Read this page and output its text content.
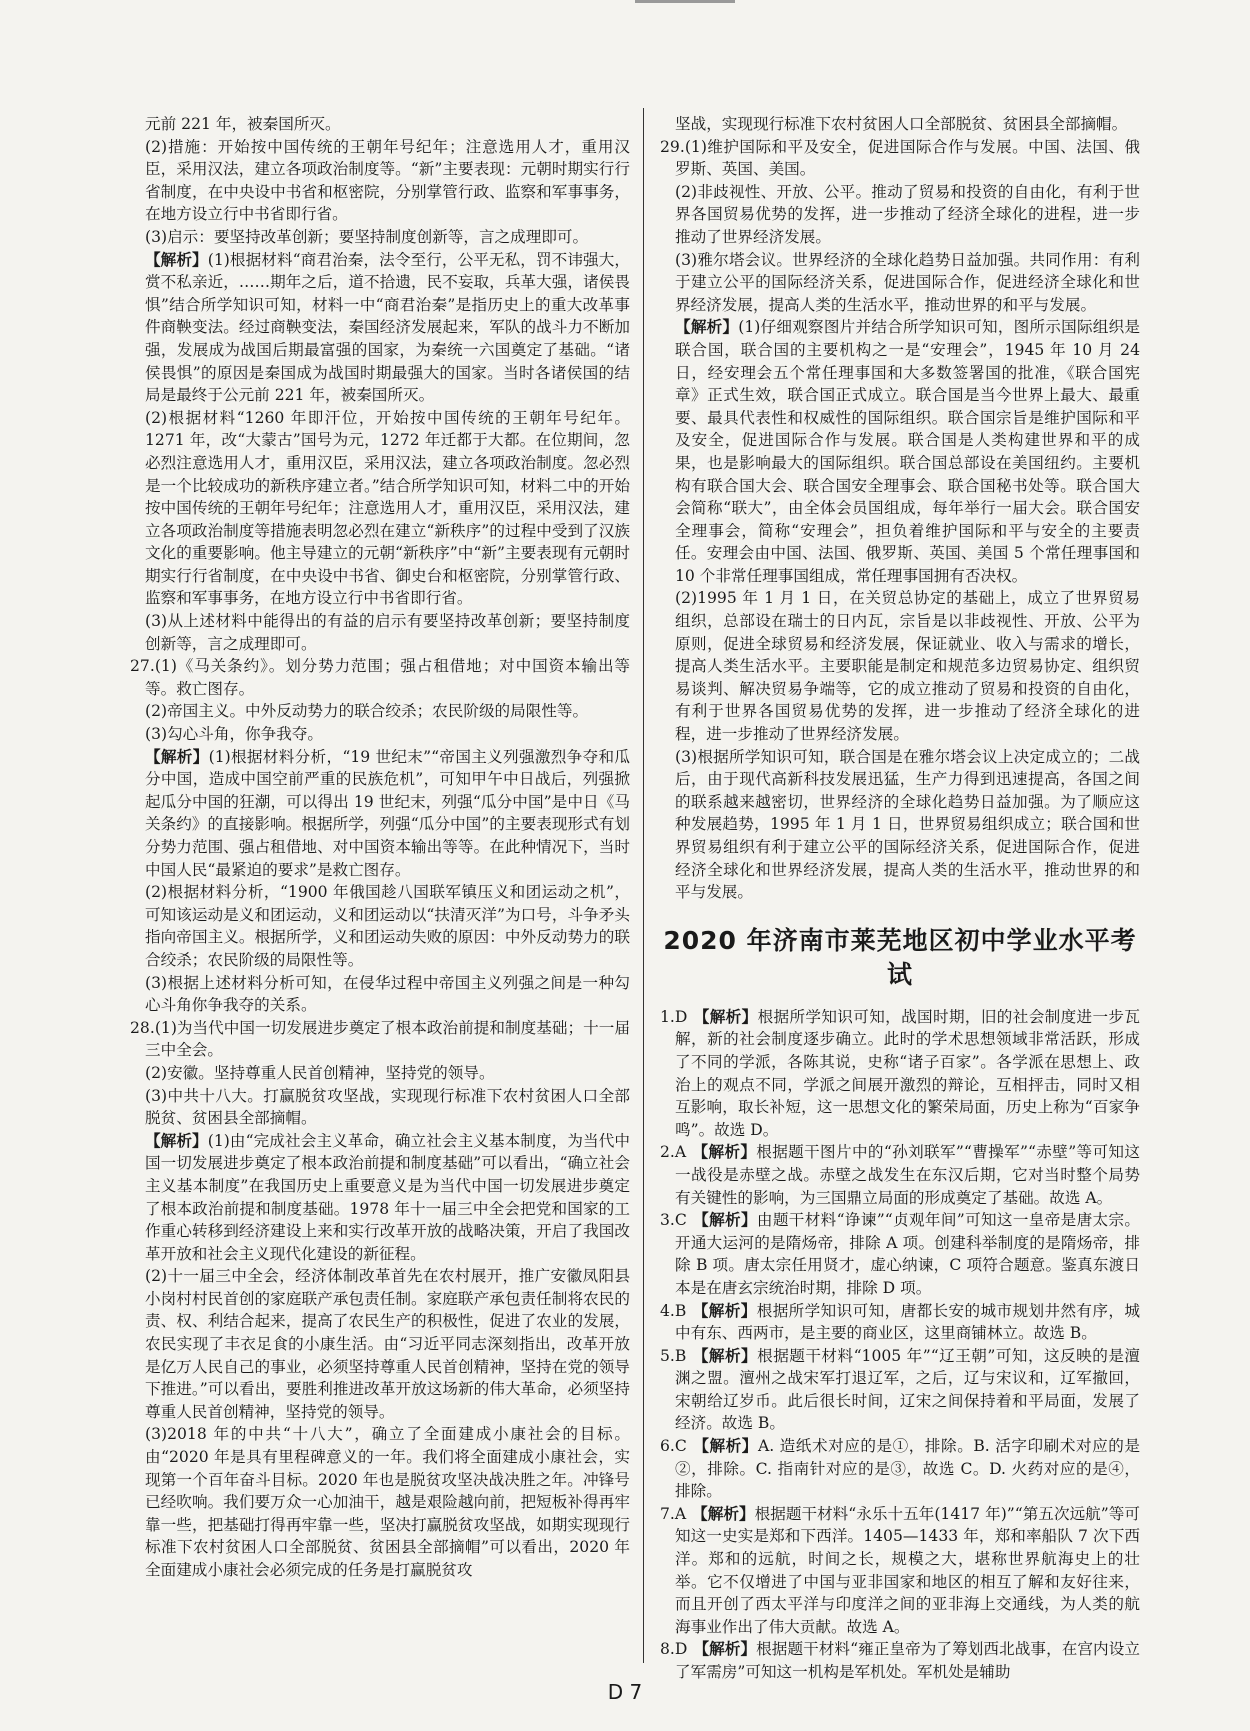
元前 221 年，被秦国所灭。

(2)措施：开始按中国传统的王朝年号纪年；注意选用人才，重用汉臣，采用汉法，建立各项政治制度等。“新”主要表现：元朝时期实行行省制度，在中央设中书省和枢密院，分别掌管行政、监察和军事事务，在地方设立行中书省即行省。

(3)启示：要坚持改革创新；要坚持制度创新等，言之成理即可。

【解析】(1)根据材料“商君治秦，法令至行，公平无私，罚不讳强大，赏不私亲近，……期年之后，道不拾遗，民不妄取，兵革大强，诸侯畏惧”结合所学知识可知，材料一中“商君治秦”是指历史上的重大改革事件商鞅变法。经过商鞅变法，秦国经济发展起来，军队的战斗力不断加强，发展成为战国后期最富强的国家，为秦统一六国奠定了基础。“诸侯畏惧”的原因是秦国成为战国时期最强大的国家。当时各诸侯国的结局是最终于公元前 221 年，被秦国所灭。

(2)根据材料“1260 年即汗位，开始按中国传统的王朝年号纪年。1271 年，改“大蒙古”国号为元，1272 年迁都于大都。在位期间，忽必烈注意选用人才，重用汉臣，采用汉法，建立各项政治制度。忽必烈是一个比较成功的新秩序建立者。”结合所学知识可知，材料二中的开始按中国传统的王朝年号纪年；注意选用人才，重用汉臣，采用汉法，建立各项政治制度等措施表明忽必烈在建立“新秩序”的过程中受到了汉族文化的重要影响。他主导建立的元朝“新秩序”中“新”主要表现有元朝时期实行行省制度，在中央设中书省、御史台和枢密院，分别掌管行政、监察和军事事务，在地方设立行中书省即行省。

(3)从上述材料中能得出的有益的启示有要坚持改革创新；要坚持制度创新等，言之成理即可。

27.(1)《马关条约》。划分势力范围；强占租借地；对中国资本输出等等。救亡图存。

(2)帝国主义。中外反动势力的联合绞杀；农民阶级的局限性等。

(3)勾心斗角，你争我夺。

【解析】(1)根据材料分析，“19 世纪末”“帝国主义列强激烈争夺和瓜分中国，造成中国空前严重的民族危机”，可知甲午中日战后，列强掀起瓜分中国的狂潮，可以得出 19 世纪末，列强“瓜分中国”是中日《马关条约》的直接影响。根据所学，列强“瓜分中国”的主要表现形式有划分势力范围、强占租借地、对中国资本输出等等。在此种情况下，当时中国人民“最紧迫的要求”是救亡图存。

(2)根据材料分析，“1900 年俄国趁八国联军镇压义和团运动之机”，可知该运动是义和团运动，义和团运动以“扶清灭洋”为口号，斗争矛头指向帝国主义。根据所学，义和团运动失败的原因：中外反动势力的联合绞杀；农民阶级的局限性等。

(3)根据上述材料分析可知，在侵华过程中帝国主义列强之间是一种勾心斗角你争我夺的关系。

28.(1)为当代中国一切发展进步奠定了根本政治前提和制度基础；十一届三中全会。

(2)安徽。坚持尊重人民首创精神，坚持党的领导。

(3)中共十八大。打赢脱贫攻坚战，实现现行标准下农村贫困人口全部脱贫、贫困县全部摘帽。

【解析】(1)由“完成社会主义革命，确立社会主义基本制度，为当代中国一切发展进步奠定了根本政治前提和制度基础”可以看出，“确立社会主义基本制度”在我国历史上重要意义是为当代中国一切发展进步奠定了根本政治前提和制度基础。1978 年十一届三中全会把党和国家的工作重心转移到经济建设上来和实行改革开放的战略决策，开启了我国改革开放和社会主义现代化建设的新征程。

(2)十一届三中全会，经济体制改革首先在农村展开，推广安徽凤阳县小岗村村民首创的家庭联产承包责任制。家庭联产承包责任制将农民的责、权、利结合起来，提高了农民生产的积极性，促进了农业的发展，农民实现了丰衣足食的小康生活。由“习近平同志深刻指出，改革开放是亿万人民自己的事业，必须坚持尊重人民首创精神，坚持在党的领导下推进。”可以看出，要胜利推进改革开放这场新的伟大革命，必须坚持尊重人民首创精神，坚持党的领导。

(3)2018 年的中共“十八大”，确立了全面建成小康社会的目标。由“2020 年是具有里程碑意义的一年。我们将全面建成小康社会，实现第一个百年奋斗目标。2020 年也是脱贫攻坚决战决胜之年。冲锋号已经吹响。我们要万众一心加油干，越是艰险越向前，把短板补得再牢靠一些，把基础打得再牢靠一些，坚决打赢脱贫攻坚战，如期实现现行标准下农村贫困人口全部脱贫、贫困县全部摘帽”可以看出，2020 年全面建成小康社会必须完成的任务是打赢脱贫攻

坚战，实现现行标准下农村贫困人口全部脱贫、贫困县全部摘帽。

29.(1)维护国际和平及安全，促进国际合作与发展。中国、法国、俄罗斯、英国、美国。

(2)非歧视性、开放、公平。推动了贸易和投资的自由化，有利于世界各国贸易优势的发挥，进一步推动了经济全球化的进程，进一步推动了世界经济发展。

(3)雅尔塔会议。世界经济的全球化趋势日益加强。共同作用：有利于建立公平的国际经济关系，促进国际合作，促进经济全球化和世界经济发展，提高人类的生活水平，推动世界的和平与发展。

【解析】(1)仔细观察图片并结合所学知识可知，图所示国际组织是联合国，联合国的主要机构之一是“安理会”，1945 年 10 月 24 日，经安理会五个常任理事国和大多数签署国的批准，《联合国宪章》正式生效，联合国正式成立。联合国是当今世界上最大、最重要、最具代表性和权威性的国际组织。联合国宗旨是维护国际和平及安全，促进国际合作与发展。联合国是人类构建世界和平的成果，也是影响最大的国际组织。联合国总部设在美国纽约。主要机构有联合国大会、联合国安全理事会、联合国秘书处等。联合国大会简称“联大”，由全体会员国组成，每年举行一届大会。联合国安全理事会，简称“安理会”，担负着维护国际和平与安全的主要责任。安理会由中国、法国、俄罗斯、英国、美国 5 个常任理事国和 10 个非常任理事国组成，常任理事国拥有否决权。

(2)1995 年 1 月 1 日，在关贸总协定的基础上，成立了世界贸易组织，总部设在瑞士的日内瓦，宗旨是以非歧视性、开放、公平为原则，促进全球贸易和经济发展，保证就业、收入与需求的增长，提高人类生活水平。主要职能是制定和规范多边贸易协定、组织贸易谈判、解决贸易争端等，它的成立推动了贸易和投资的自由化，有利于世界各国贸易优势的发挥，进一步推动了经济全球化的进程，进一步推动了世界经济发展。

(3)根据所学知识可知，联合国是在雅尔塔会议上决定成立的；二战后，由于现代高新科技发展迅猛，生产力得到迅速提高，各国之间的联系越来越密切，世界经济的全球化趋势日益加强。为了顺应这种发展趋势，1995 年 1 月 1 日，世界贸易组织成立；联合国和世界贸易组织有利于建立公平的国际经济关系，促进国际合作，促进经济全球化和世界经济发展，提高人类的生活水平，推动世界的和平与发展。

2020 年济南市莱芜地区初中学业水平考试

1.D 【解析】根据所学知识可知，战国时期，旧的社会制度进一步瓦解，新的社会制度逐步确立。此时的学术思想领域非常活跃，形成了不同的学派，各陈其说，史称“诸子百家”。各学派在思想上、政治上的观点不同，学派之间展开激烈的辩论，互相抨击，同时又相互影响，取长补短，这一思想文化的繁荣局面，历史上称为“百家争鸣”。故选 D。

2.A 【解析】根据题干图片中的“孙刘联军”“曹操军”“赤壁”等可知这一战役是赤壁之战。赤壁之战发生在东汉后期，它对当时整个局势有关键性的影响，为三国鼎立局面的形成奠定了基础。故选 A。

3.C 【解析】由题干材料“诤谏”“贞观年间”可知这一皇帝是唐太宗。开通大运河的是隋炀帝，排除 A 项。创建科举制度的是隋炀帝，排除 B 项。唐太宗任用贤才，虚心纳谏，C 项符合题意。鉴真东渡日本是在唐玄宗统治时期，排除 D 项。

4.B 【解析】根据所学知识可知，唐都长安的城市规划井然有序，城中有东、西两市，是主要的商业区，这里商铺林立。故选 B。

5.B 【解析】根据题干材料“1005 年”“辽王朝”可知，这反映的是澶渊之盟。澶州之战宋军打退辽军，之后，辽与宋议和，辽军撤回，宋朝给辽岁币。此后很长时间，辽宋之间保持着和平局面，发展了经济。故选 B。

6.C 【解析】A. 造纸术对应的是①，排除。B. 活字印刷术对应的是②，排除。C. 指南针对应的是③，故选 C。D. 火药对应的是④，排除。

7.A 【解析】根据题干材料“永乐十五年(1417 年)”“第五次远航”等可知这一史实是郑和下西洋。1405—1433 年，郑和率船队 7 次下西洋。郑和的远航，时间之长，规模之大，堪称世界航海史上的壮举。它不仅增进了中国与亚非国家和地区的相互了解和友好往来，而且开创了西太平洋与印度洋之间的亚非海上交通线，为人类的航海事业作出了伟大贡献。故选 A。

8.D 【解析】根据题干材料“雍正皇帝为了筹划西北战事，在宫内设立了军需房”可知这一机构是军机处。军机处是辅助

D 7
